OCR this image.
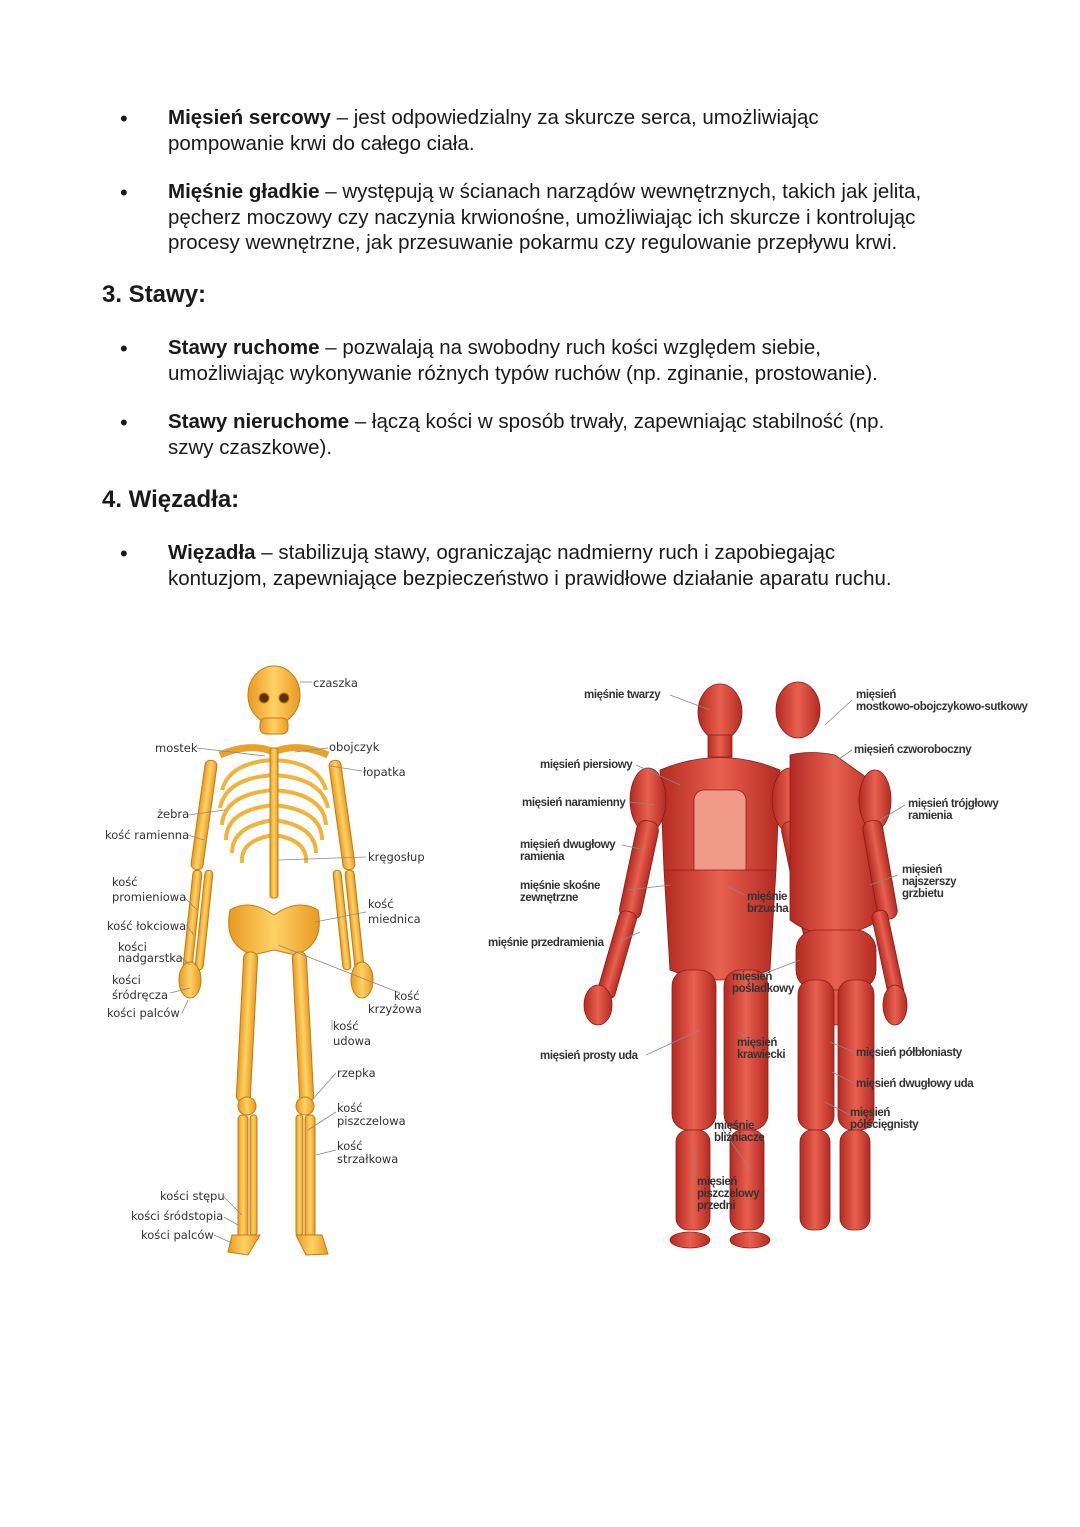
• Mięsień sercowy – jest odpowiedzialny za skurcze serca, umożliwiając
pompowanie krwi do całego ciała.
• Mięśnie gładkie – występują w ścianach narządów wewnętrznych, takich jak jelita,
pęcherz moczowy czy naczynia krwionośne, umożliwiając ich skurcze i kontrolując
procesy wewnętrzne, jak przesuwanie pokarmu czy regulowanie przepływu krwi.
3. Stawy:
• Stawy ruchome – pozwalają na swobodny ruch kości względem siebie,
umożliwiając wykonywanie różnych typów ruchów (np. zginanie, prostowanie).
• Stawy nieruchome – łączą kości w sposób trwały, zapewniając stabilność (np.
szwy czaszkowe).
4. Więzadła:
• Więzadła – stabilizują stawy, ograniczając nadmierny ruch i zapobiegając
kontuzjom, zapewniające bezpieczeństwo i prawidłowe działanie aparatu ruchu.
czaszka
mostek	obojczyk
łopatka
żebra
kość ramienna
kręgosłup
kość
promieniowa	kość
miednica
kość łokciowa
kości
nadgarstka
kości
śródręcza
kości palców
kość
krzyżowa
kość
udowa
rzepka
kość
piszczelowa
kość
strzałkowa
kości stępu
kości śródstopia
kości palców
mięśnie twarzy
mięsień piersiowy
mięsień naramienny
mięsień dwugłowy
ramienia
mięśnie skośne
zewnętrzne
mięśnie przedramienia
mięśnie
brzucha
mięsień
pośladkowy
mięsień prosty uda
mięsień
krawiecki
mięśnie
bliźniacze
mięsień
piszczelowy
przedni
mięsień
mostkowo-obojczykowo-sutkowy
mięsień czworoboczny
mięsień trójgłowy
ramienia
mięsień
najszerszy
grzbietu
mięsień półbłoniasty
mięsień dwugłowy uda
mięsień
półścięgnisty
